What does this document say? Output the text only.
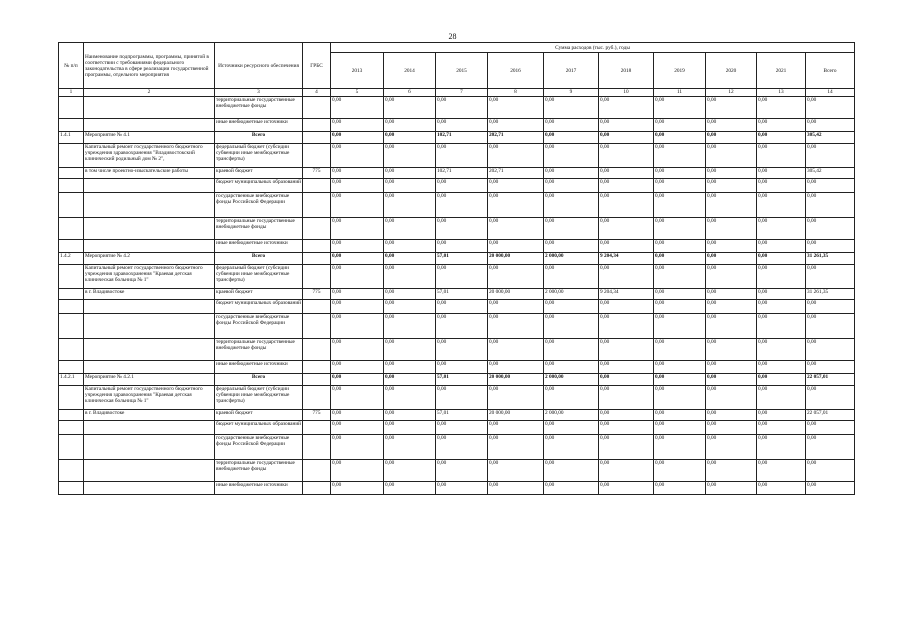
28
№ п/п	Наименование подпрограммы, программы, принятой в соответствии с требованиями федерального законодательства в сфере реализации государственной программы, отдельного мероприятия	Источники ресурсного обеспечения	ГРБС	Сумма расходов (тыс. руб.), годы									
				2013	2014	2015	2016	2017	2018	2019	2020	2021	Всего
1	2	3	4	5	6	7	8	9	10	11	12	13	14
		территориальные государственные внебюджетные фонды		0,00	0,00	0,00	0,00	0,00	0,00	0,00	0,00	0,00	0,00
		иные внебюджетные источники		0,00	0,00	0,00	0,00	0,00	0,00	0,00	0,00	0,00	0,00
1.4.1	Мероприятие № 4.1	Всего		0,00	0,00	102,71	202,71	0,00	0,00	0,00	0,00	0,00	305,42
	Капитальный ремонт государственного бюджетного учреждения здравоохранения "Владивостокский клинический родильный дом № 2",	федеральный бюджет (субсидии субвенции иные межбюджетные трансферты)		0,00	0,00	0,00	0,00	0,00	0,00	0,00	0,00	0,00	0,00
	в том числе проектно-изыскательские работы	краевой бюджет	775	0,00	0,00	102,71	202,71	0,00	0,00	0,00	0,00	0,00	305,42
		бюджет муниципальных образований		0,00	0,00	0,00	0,00	0,00	0,00	0,00	0,00	0,00	0,00
		государственные внебюджетные фонды Российской Федерации		0,00	0,00	0,00	0,00	0,00	0,00	0,00	0,00	0,00	0,00
		территориальные государственные внебюджетные фонды		0,00	0,00	0,00	0,00	0,00	0,00	0,00	0,00	0,00	0,00
		иные внебюджетные источники		0,00	0,00	0,00	0,00	0,00	0,00	0,00	0,00	0,00	0,00
1.4.2	Мероприятие № 4.2	Всего		0,00	0,00	57,01	20 000,00	2 000,00	9 204,34	0,00	0,00	0,00	31 261,35
	Капитальный ремонт государственного бюджетного учреждения здравоохранения "Краевая детская клиническая больница № 1"	федеральный бюджет (субсидии субвенции иные межбюджетные трансферты)		0,00	0,00	0,00	0,00	0,00	0,00	0,00	0,00	0,00	0,00
	в г. Владивостоке	краевой бюджет	775	0,00	0,00	57,01	20 000,00	2 000,00	9 204,34	0,00	0,00	0,00	31 261,35
		бюджет муниципальных образований		0,00	0,00	0,00	0,00	0,00	0,00	0,00	0,00	0,00	0,00
		государственные внебюджетные фонды Российской Федерации		0,00	0,00	0,00	0,00	0,00	0,00	0,00	0,00	0,00	0,00
		территориальные государственные внебюджетные фонды		0,00	0,00	0,00	0,00	0,00	0,00	0,00	0,00	0,00	0,00
		иные внебюджетные источники		0,00	0,00	0,00	0,00	0,00	0,00	0,00	0,00	0,00	0,00
1.4.2.1	Мероприятие № 4.2.1	Всего		0,00	0,00	57,01	20 000,00	2 000,00	0,00	0,00	0,00	0,00	22 057,01
	Капитальный ремонт государственного бюджетного учреждения здравоохранения "Краевая детская клиническая больница № 1"	федеральный бюджет (субсидии субвенции иные межбюджетные трансферты)		0,00	0,00	0,00	0,00	0,00	0,00	0,00	0,00	0,00	0,00
	в г. Владивостоке	краевой бюджет	775	0,00	0,00	57,01	20 000,00	2 000,00	0,00	0,00	0,00	0,00	22 057,01
		бюджет муниципальных образований		0,00	0,00	0,00	0,00	0,00	0,00	0,00	0,00	0,00	0,00
		государственные внебюджетные фонды Российской Федерации		0,00	0,00	0,00	0,00	0,00	0,00	0,00	0,00	0,00	0,00
		территориальные государственные внебюджетные фонды		0,00	0,00	0,00	0,00	0,00	0,00	0,00	0,00	0,00	0,00
		иные внебюджетные источники		0,00	0,00	0,00	0,00	0,00	0,00	0,00	0,00	0,00	0,00
